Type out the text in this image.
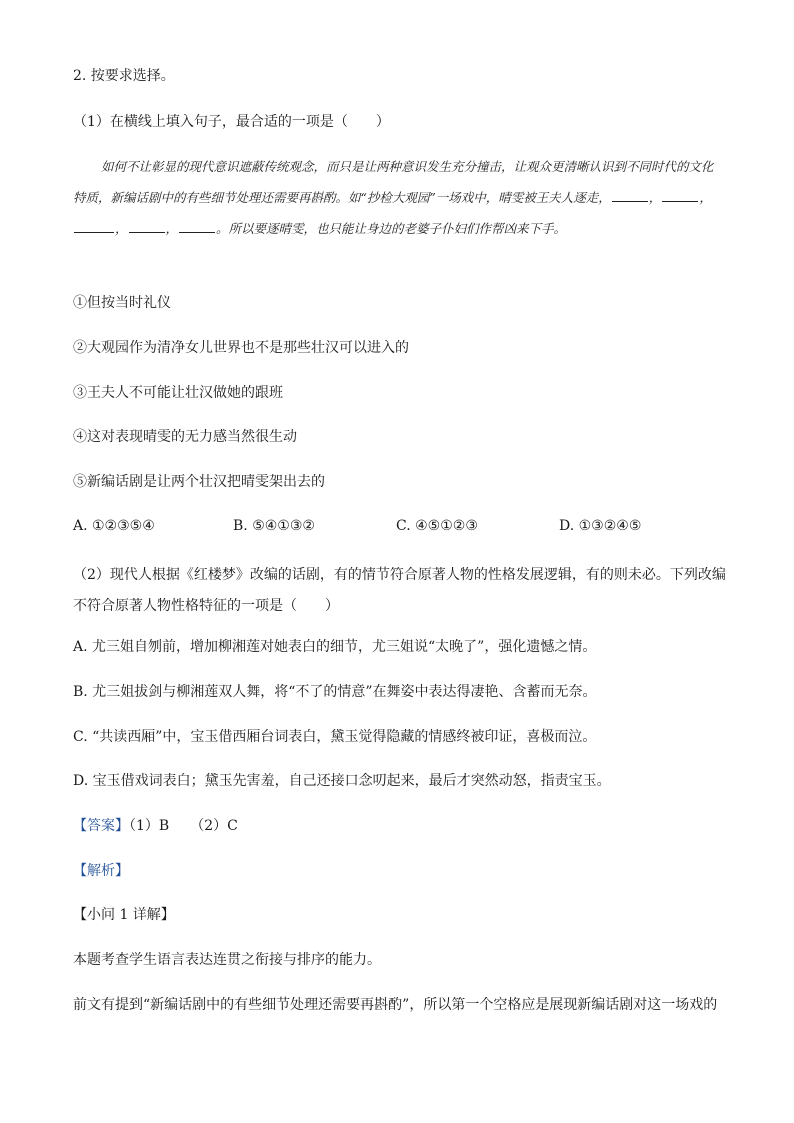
2. 按要求选择。
（1）在横线上填入句子，最合适的一项是（　　）
如何不让彰显的现代意识遮蔽传统观念，而只是让两种意识发生充分撞击，让观众更清晰认识到不同时代的文化特质，新编话剧中的有些细节处理还需要再斟酌。如“抄检大观园”一场戏中，晴雯被王夫人逐走，	，	，，	，	。所以要逐晴雯，也只能让身边的老婆子仆妇们作帮凶来下手。
①但按当时礼仪
②大观园作为清净女儿世界也不是那些壮汉可以进入的
③王夫人不可能让壮汉做她的跟班
④这对表现晴雯的无力感当然很生动
⑤新编话剧是让两个壮汉把晴雯架出去的
A. ①②③⑤④	B. ⑤④①③②	C. ④⑤①②③	D. ①③②④⑤
（2）现代人根据《红楼梦》改编的话剧，有的情节符合原著人物的性格发展逻辑，有的则未必。下列改编不符合原著人物性格特征的一项是（　　）
A. 尤三姐自刎前，增加柳湘莲对她表白的细节，尤三姐说“太晚了”，强化遗憾之情。
B. 尤三姐拔剑与柳湘莲双人舞，将“不了的情意”在舞姿中表达得凄艳、含蓄而无奈。
C. “共读西厢”中，宝玉借西厢台词表白，黛玉觉得隐藏的情感终被印证，喜极而泣。
D. 宝玉借戏词表白；黛玉先害羞，自己还接口念叨起来，最后才突然动怒，指责宝玉。
【答案】（1）B　　（2）C
【解析】
【小问 1 详解】
本题考查学生语言表达连贯之衔接与排序的能力。
前文有提到“新编话剧中的有些细节处理还需要再斟酌”，所以第一个空格应是展现新编话剧对这一场戏的
